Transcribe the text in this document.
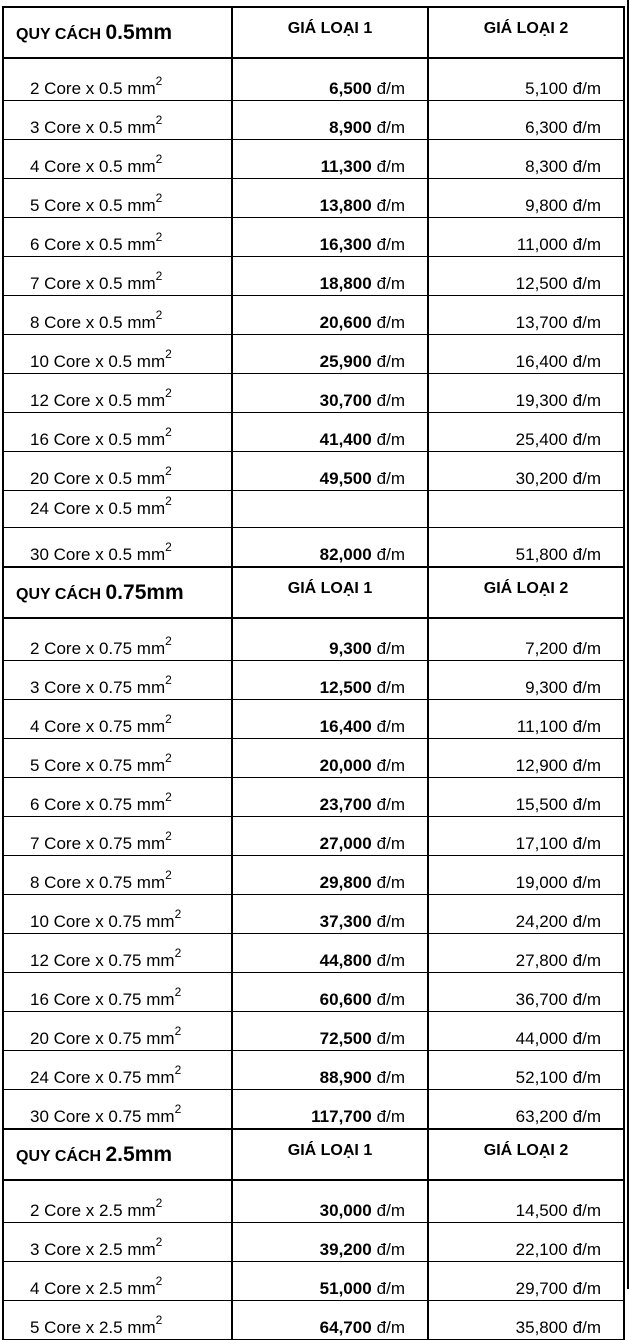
QUY CÁCH 0.5mm	GIÁ LOẠI 1	GIÁ LOẠI 2
2 Core x 0.5 $mm^2$	6,500 đ/m	5,100 đ/m
3 Core x 0.5 $mm^2$	8,900 đ/m	6,300 đ/m
4 Core x 0.5 $mm^2$	11,300 đ/m	8,300 đ/m
5 Core x 0.5 $mm^2$	13,800 đ/m	9,800 đ/m
6 Core x 0.5 $mm^2$	16,300 đ/m	11,000 đ/m
7 Core x 0.5 $mm^2$	18,800 đ/m	12,500 đ/m
8 Core x 0.5 $mm^2$	20,600 đ/m	13,700 đ/m
10 Core x 0.5 $mm^2$	25,900 đ/m	16,400 đ/m
12 Core x 0.5 $mm^2$	30,700 đ/m	19,300 đ/m
16 Core x 0.5 $mm^2$	41,400 đ/m	25,400 đ/m
20 Core x 0.5 $mm^2$	49,500 đ/m	30,200 đ/m
24 Core x 0.5 $mm^2$		
30 Core x 0.5 $mm^2$	82,000 đ/m	51,800 đ/m
QUY CÁCH 0.75mm	GIÁ LOẠI 1	GIÁ LOẠI 2
2 Core x 0.75 $mm^2$	9,300 đ/m	7,200 đ/m
3 Core x 0.75 $mm^2$	12,500 đ/m	9,300 đ/m
4 Core x 0.75 $mm^2$	16,400 đ/m	11,100 đ/m
5 Core x 0.75 $mm^2$	20,000 đ/m	12,900 đ/m
6 Core x 0.75 $mm^2$	23,700 đ/m	15,500 đ/m
7 Core x 0.75 $mm^2$	27,000 đ/m	17,100 đ/m
8 Core x 0.75 $mm^2$	29,800 đ/m	19,000 đ/m
10 Core x 0.75 $mm^2$	37,300 đ/m	24,200 đ/m
12 Core x 0.75 $mm^2$	44,800 đ/m	27,800 đ/m
16 Core x 0.75 $mm^2$	60,600 đ/m	36,700 đ/m
20 Core x 0.75 $mm^2$	72,500 đ/m	44,000 đ/m
24 Core x 0.75 $mm^2$	88,900 đ/m	52,100 đ/m
30 Core x 0.75 $mm^2$	117,700 đ/m	63,200 đ/m
QUY CÁCH 2.5mm	GIÁ LOẠI 1	GIÁ LOẠI 2
2 Core x 2.5 $mm^2$	30,000 đ/m	14,500 đ/m
3 Core x 2.5 $mm^2$	39,200 đ/m	22,100 đ/m
4 Core x 2.5 $mm^2$	51,000 đ/m	29,700 đ/m
5 Core x 2.5 $mm^2$	64,700 đ/m	35,800 đ/m
